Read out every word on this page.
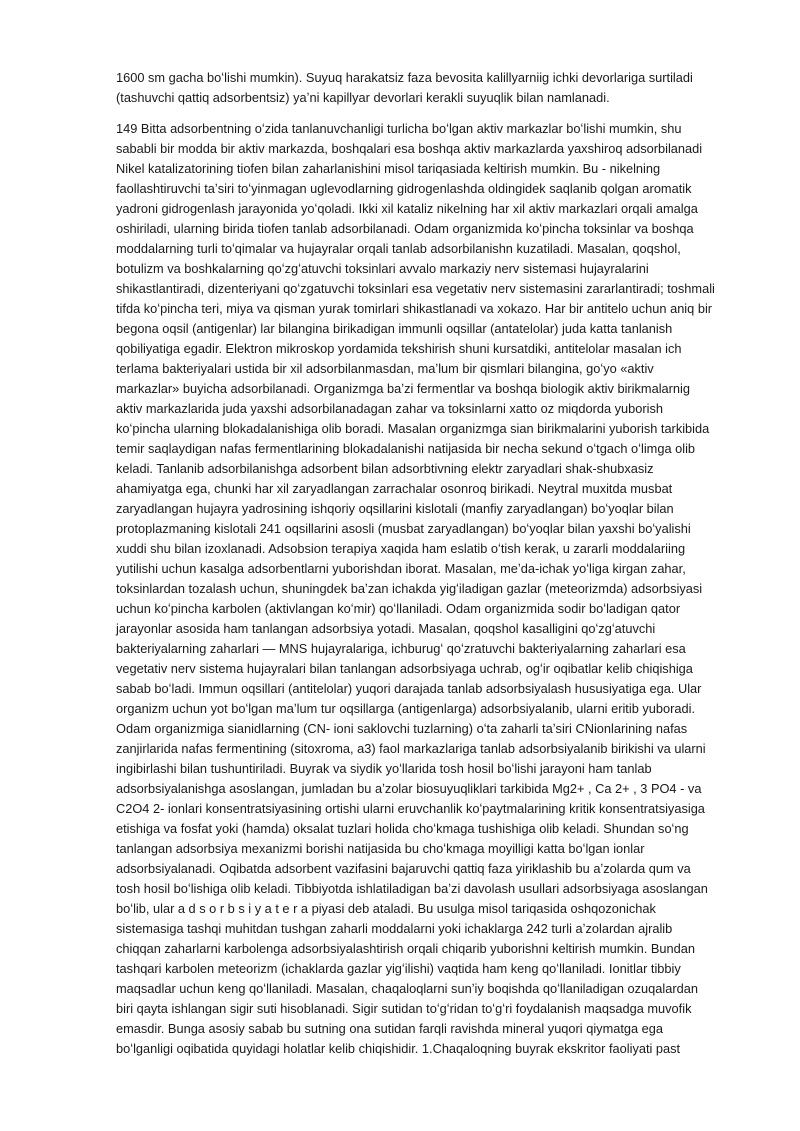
1600 sm gacha boʻlishi mumkin). Suyuq harakatsiz faza bevosita kalillyarniig ichki devorlariga surtiladi (tashuvchi qattiq adsorbentsiz) yaʼni kapillyar devorlari kerakli suyuqlik bilan namlanadi.

149 Bitta adsorbentning oʻzida tanlanuvchanligi turlicha boʻlgan aktiv markazlar boʻlishi mumkin, shu sababli bir modda bir aktiv markazda, boshqalari esa boshqa aktiv markazlarda yaxshiroq adsorbilanadi Nikel katalizatorining tiofen bilan zaharlanishini misol tariqasiada keltirish mumkin. Bu - nikelning faollashtiruvchi taʼsiri toʻyinmagan uglevodlarning gidrogenlashda oldingidek saqlanib qolgan aromatik yadroni gidrogenlash jarayonida yoʻqoladi. Ikki xil kataliz nikelning har xil aktiv markazlari orqali amalga oshiriladi, ularning birida tiofen tanlab adsorbilanadi. Odam organizmida koʻpincha toksinlar va boshqa moddalarning turli toʻqimalar va hujayralar orqali tanlab adsorbilanishn kuzatiladi. Masalan, qoqshol, botulizm va boshkalarning qoʻzgʻatuvchi toksinlari avvalo markaziy nerv sistemasi hujayralarini shikastlantiradi, dizenteriyani qoʻzgatuvchi toksinlari esa vegetativ nerv sistemasini zararlantiradi; toshmali tifda koʻpincha teri, miya va qisman yurak tomirlari shikastlanadi va xokazo. Har bir antitelo uchun aniq bir begona oqsil (antigenlar) lar bilangina birikadigan immunli oqsillar (antatelolar) juda katta tanlanish qobiliyatiga egadir. Elektron mikroskop yordamida tekshirish shuni kursatdiki, antitelolar masalan ich terlama bakteriyalari ustida bir xil adsorbilanmasdan, maʼlum bir qismlari bilangina, goʻyo «aktiv markazlar» buyicha adsorbilanadi. Organizmga baʼzi fermentlar va boshqa biologik aktiv birikmalarnig aktiv markazlarida juda yaxshi adsorbilanadagan zahar va toksinlarni xatto oz miqdorda yuborish koʻpincha ularning blokadalanishiga olib boradi. Masalan organizmga sian birikmalarini yuborish tarkibida temir saqlaydigan nafas fermentlarining blokadalanishi natijasida bir necha sekund oʻtgach oʻlimga olib keladi. Tanlanib adsorbilanishga adsorbent bilan adsorbtivning elektr zaryadlari shak-shubxasiz ahamiyatga ega, chunki har xil zaryadlangan zarrachalar osonroq birikadi. Neytral muxitda musbat zaryadlangan hujayra yadrosining ishqoriy oqsillarini kislotali (manfiy zaryadlangan) boʻyoqlar bilan protoplazmaning kislotali 241 oqsillarini asosli (musbat zaryadlangan) boʻyoqlar bilan yaxshi boʻyalishi xuddi shu bilan izoxlanadi. Adsobsion terapiya xaqida ham eslatib oʻtish kerak, u zararli moddalariing yutilishi uchun kasalga adsorbentlarni yuborishdan iborat. Masalan, meʼda-ichak yoʻliga kirgan zahar, toksinlardan tozalash uchun, shuningdek baʼzan ichakda yigʻiladigan gazlar (meteorizmda) adsorbsiyasi uchun koʻpincha karbolen (aktivlangan koʻmir) qoʻllaniladi. Odam organizmida sodir boʻladigan qator jarayonlar asosida ham tanlangan adsorbsiya yotadi. Masalan, qoqshol kasalligini qoʻzgʻatuvchi bakteriyalarning zaharlari — MNS hujayralariga, ichburugʻ qoʻzratuvchi bakteriyalarning zaharlari esa vegetativ nerv sistema hujayralari bilan tanlangan adsorbsiyaga uchrab, ogʻir oqibatlar kelib chiqishiga sabab boʻladi. Immun oqsillari (antitelolar) yuqori darajada tanlab adsorbsiyalash hususiyatiga ega. Ular organizm uchun yot boʻlgan maʼlum tur oqsillarga (antigenlarga) adsorbsiyalanib, ularni eritib yuboradi. Odam organizmiga sianidlarning (CN- ioni saklovchi tuzlarning) oʻta zaharli taʼsiri CNionlarining nafas zanjirlarida nafas fermentining (sitoxroma, a3) faol markazlariga tanlab adsorbsiyalanib birikishi va ularni ingibirlashi bilan tushuntiriladi. Buyrak va siydik yoʻllarida tosh hosil boʻlishi jarayoni ham tanlab adsorbsiyalanishga asoslangan, jumladan bu aʼzolar biosuyuqliklari tarkibida Mg2+ , Ca 2+ , 3 PO4 - va C2O4 2- ionlari konsentratsiyasining ortishi ularni eruvchanlik koʻpaytmalarining kritik konsentratsiyasiga etishiga va fosfat yoki (hamda) oksalat tuzlari holida choʻkmaga tushishiga olib keladi. Shundan soʻng tanlangan adsorbsiya mexanizmi borishi natijasida bu choʻkmaga moyilligi katta boʻlgan ionlar adsorbsiyalanadi. Oqibatda adsorbent vazifasini bajaruvchi qattiq faza yiriklashib bu aʼzolarda qum va tosh hosil boʻlishiga olib keladi. Tibbiyotda ishlatiladigan baʼzi davolash usullari adsorbsiyaga asoslangan boʻlib, ular a d s o r b s i y a t e r a piyasi deb ataladi. Bu usulga misol tariqasida oshqozonichak sistemasiga tashqi muhitdan tushgan zaharli moddalarni yoki ichaklarga 242 turli aʼzolardan ajralib chiqqan zaharlarni karbolenga adsorbsiyalashtirish orqali chiqarib yuborishni keltirish mumkin. Bundan tashqari karbolen meteorizm (ichaklarda gazlar yigʻilishi) vaqtida ham keng qoʻllaniladi. Ionitlar tibbiy maqsadlar uchun keng qoʻllaniladi. Masalan, chaqaloqlarni sunʼiy boqishda qoʻllaniladigan ozuqalardan biri qayta ishlangan sigir suti hisoblanadi. Sigir sutidan toʻgʻridan toʻgʻri foydalanish maqsadga muvofik emasdir. Bunga asosiy sabab bu sutning ona sutidan farqli ravishda mineral yuqori qiymatga ega boʻlganligi oqibatida quyidagi holatlar kelib chiqishidir. 1.Chaqaloqning buyrak ekskritor faoliyati past
